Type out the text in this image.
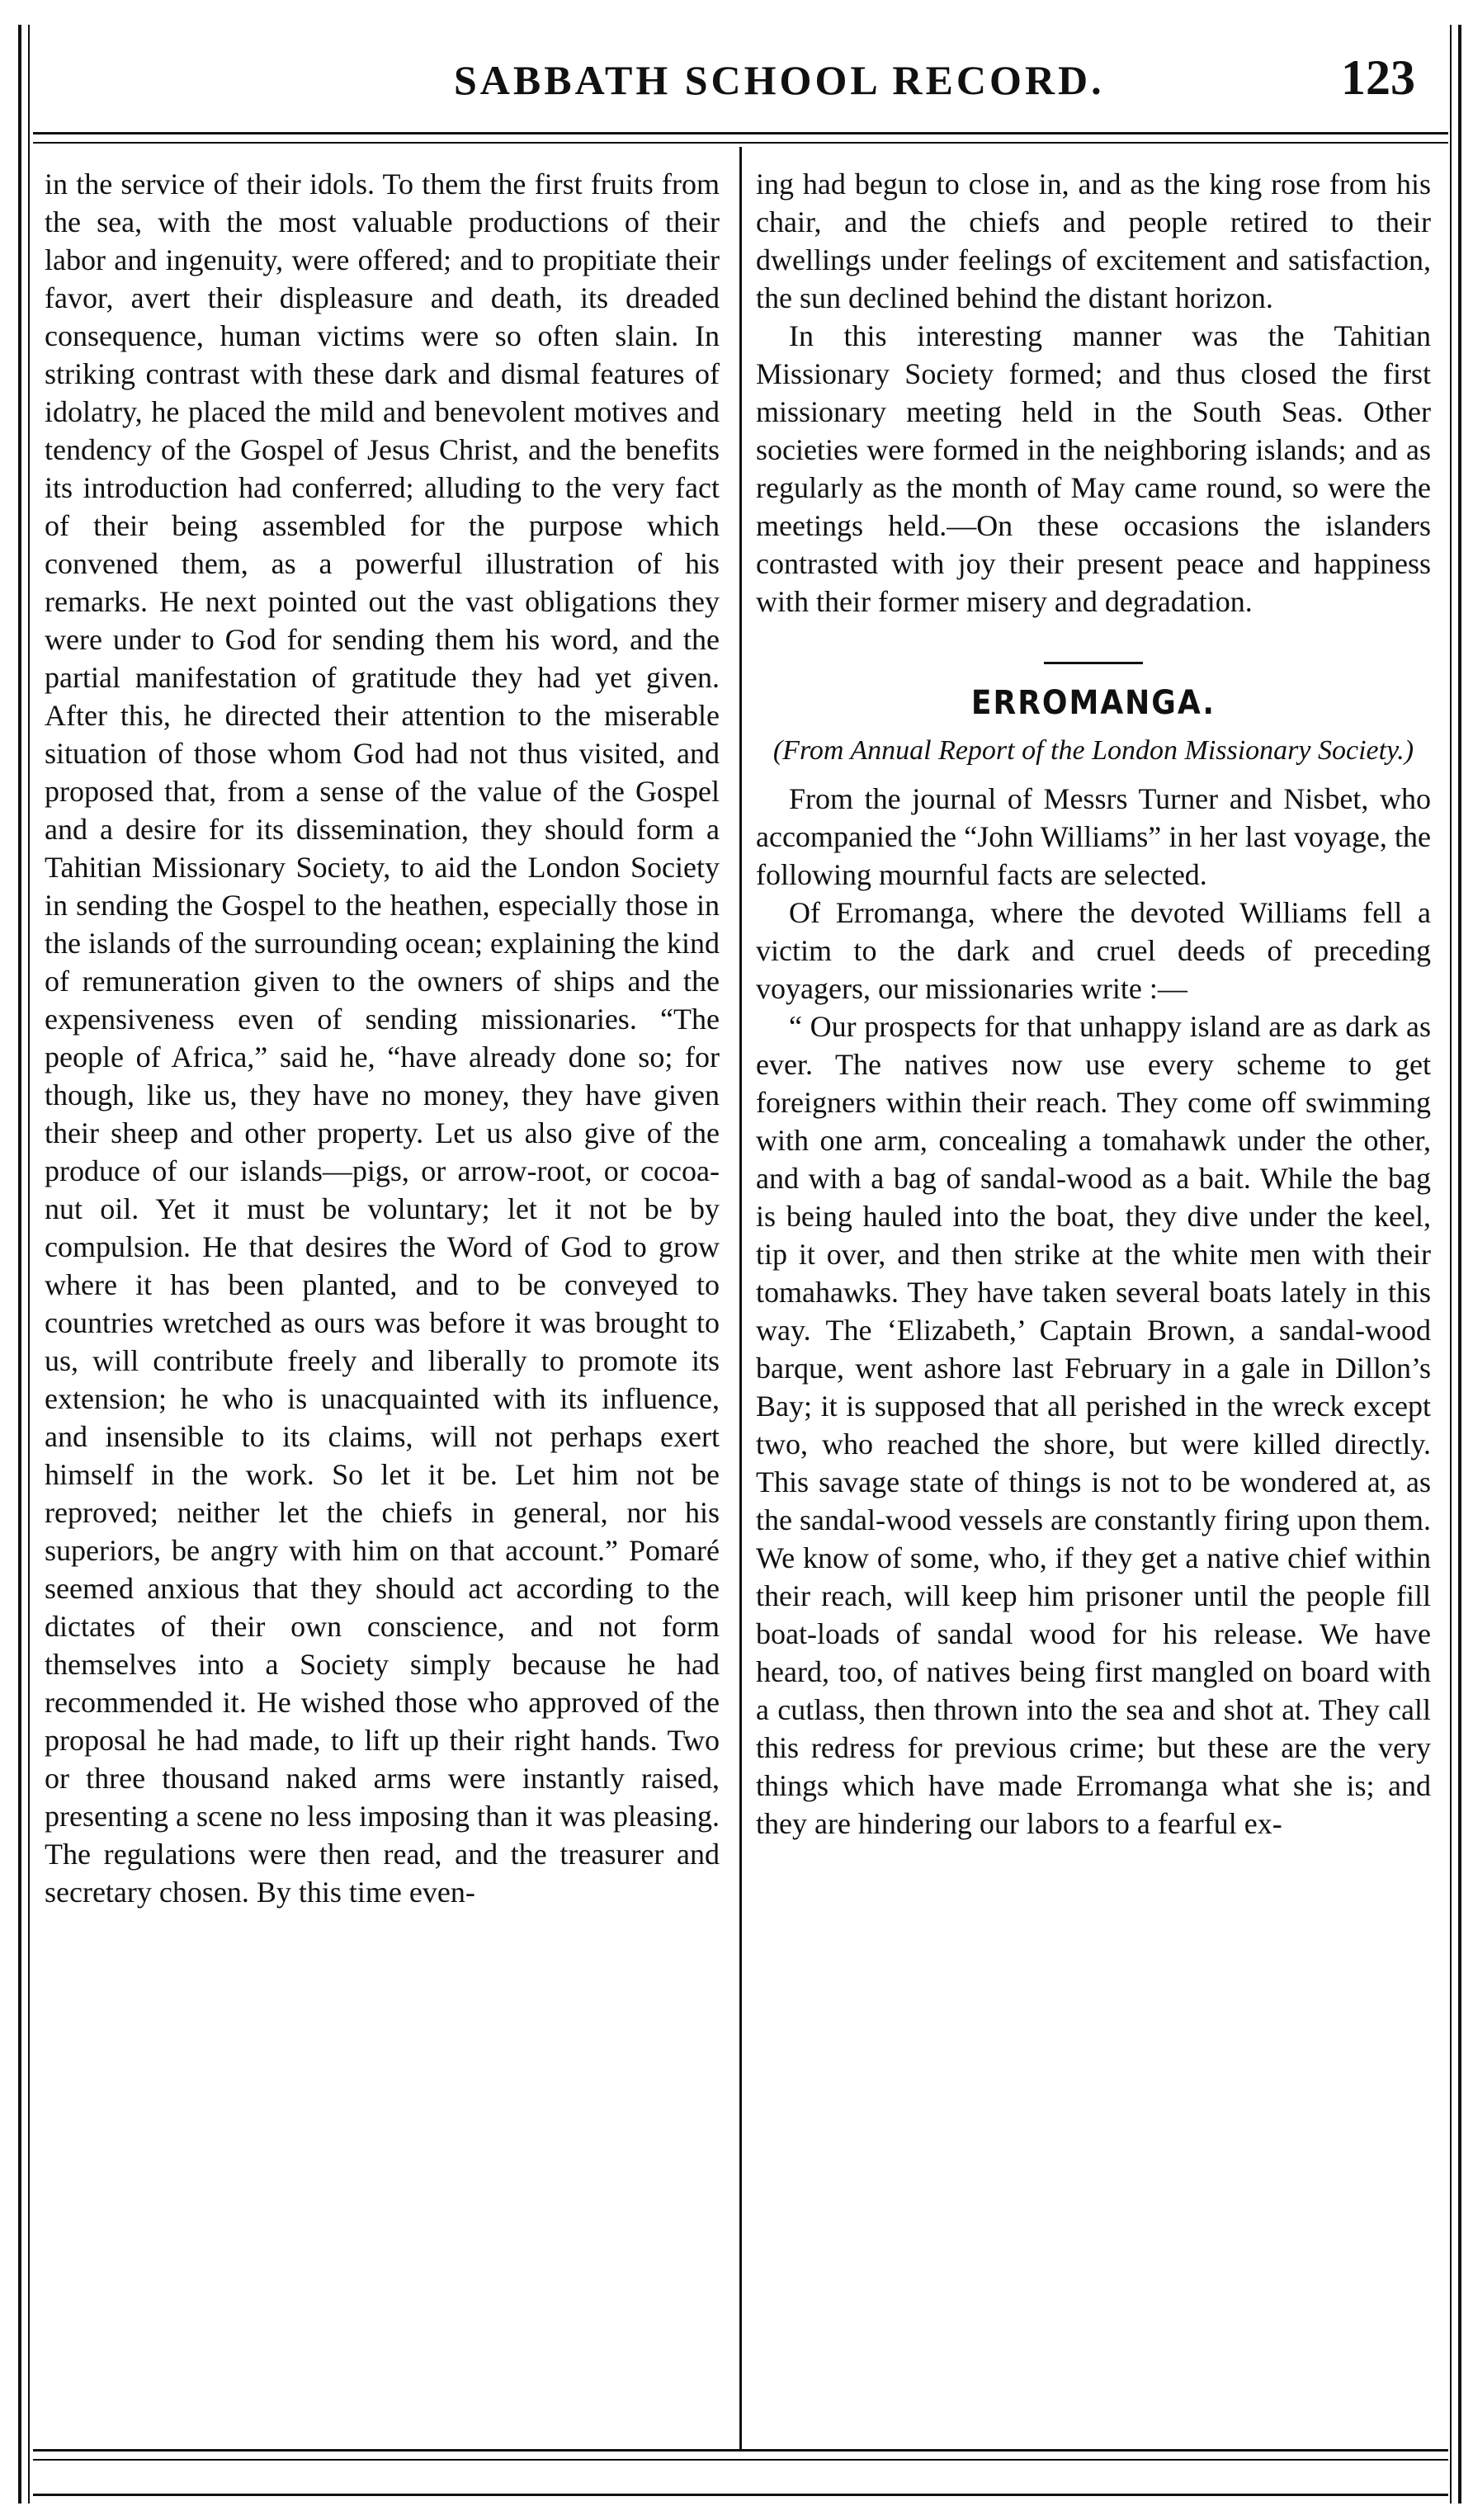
SABBATH SCHOOL RECORD.	123

in the service of their idols. To them the first fruits from the sea, with the most valuable productions of their labor and ingenuity, were offered; and to propitiate their favor, avert their displeasure and death, its dreaded consequence, human victims were so often slain. In striking contrast with these dark and dismal features of idolatry, he placed the mild and benevolent motives and tendency of the Gospel of Jesus Christ, and the benefits its introduction had conferred; alluding to the very fact of their being assembled for the purpose which convened them, as a powerful illustration of his remarks. He next pointed out the vast obligations they were under to God for sending them his word, and the partial manifestation of gratitude they had yet given. After this, he directed their attention to the miserable situation of those whom God had not thus visited, and proposed that, from a sense of the value of the Gospel and a desire for its dissemination, they should form a Tahitian Missionary Society, to aid the London Society in sending the Gospel to the heathen, especially those in the islands of the surrounding ocean; explaining the kind of remuneration given to the owners of ships and the expensiveness even of sending missionaries. “The people of Africa,” said he, “have already done so; for though, like us, they have no money, they have given their sheep and other property. Let us also give of the produce of our islands—pigs, or arrow-root, or cocoa-nut oil. Yet it must be voluntary; let it not be by compulsion. He that desires the Word of God to grow where it has been planted, and to be conveyed to countries wretched as ours was before it was brought to us, will contribute freely and liberally to promote its extension; he who is unacquainted with its influence, and insensible to its claims, will not perhaps exert himself in the work. So let it be. Let him not be reproved; neither let the chiefs in general, nor his superiors, be angry with him on that account.” Pomaré seemed anxious that they should act according to the dictates of their own conscience, and not form themselves into a Society simply because he had recommended it. He wished those who approved of the proposal he had made, to lift up their right hands. Two or three thousand naked arms were instantly raised, presenting a scene no less imposing than it was pleasing. The regulations were then read, and the treasurer and secretary chosen. By this time even-

ing had begun to close in, and as the king rose from his chair, and the chiefs and people retired to their dwellings under feelings of excitement and satisfaction, the sun declined behind the distant horizon.

In this interesting manner was the Tahitian Missionary Society formed; and thus closed the first missionary meeting held in the South Seas. Other societies were formed in the neighboring islands; and as regularly as the month of May came round, so were the meetings held.—On these occasions the islanders contrasted with joy their present peace and happiness with their former misery and degradation.

ERROMANGA.
(From Annual Report of the London Missionary Society.)

From the journal of Messrs Turner and Nisbet, who accompanied the “John Williams” in her last voyage, the following mournful facts are selected.

Of Erromanga, where the devoted Williams fell a victim to the dark and cruel deeds of preceding voyagers, our missionaries write :—

“ Our prospects for that unhappy island are as dark as ever. The natives now use every scheme to get foreigners within their reach. They come off swimming with one arm, concealing a tomahawk under the other, and with a bag of sandal-wood as a bait. While the bag is being hauled into the boat, they dive under the keel, tip it over, and then strike at the white men with their tomahawks. They have taken several boats lately in this way. The ‘Elizabeth,’ Captain Brown, a sandal-wood barque, went ashore last February in a gale in Dillon’s Bay; it is supposed that all perished in the wreck except two, who reached the shore, but were killed directly. This savage state of things is not to be wondered at, as the sandal-wood vessels are constantly firing upon them. We know of some, who, if they get a native chief within their reach, will keep him prisoner until the people fill boat-loads of sandal wood for his release. We have heard, too, of natives being first mangled on board with a cutlass, then thrown into the sea and shot at. They call this redress for previous crime; but these are the very things which have made Erromanga what she is; and they are hindering our labors to a fearful ex-
